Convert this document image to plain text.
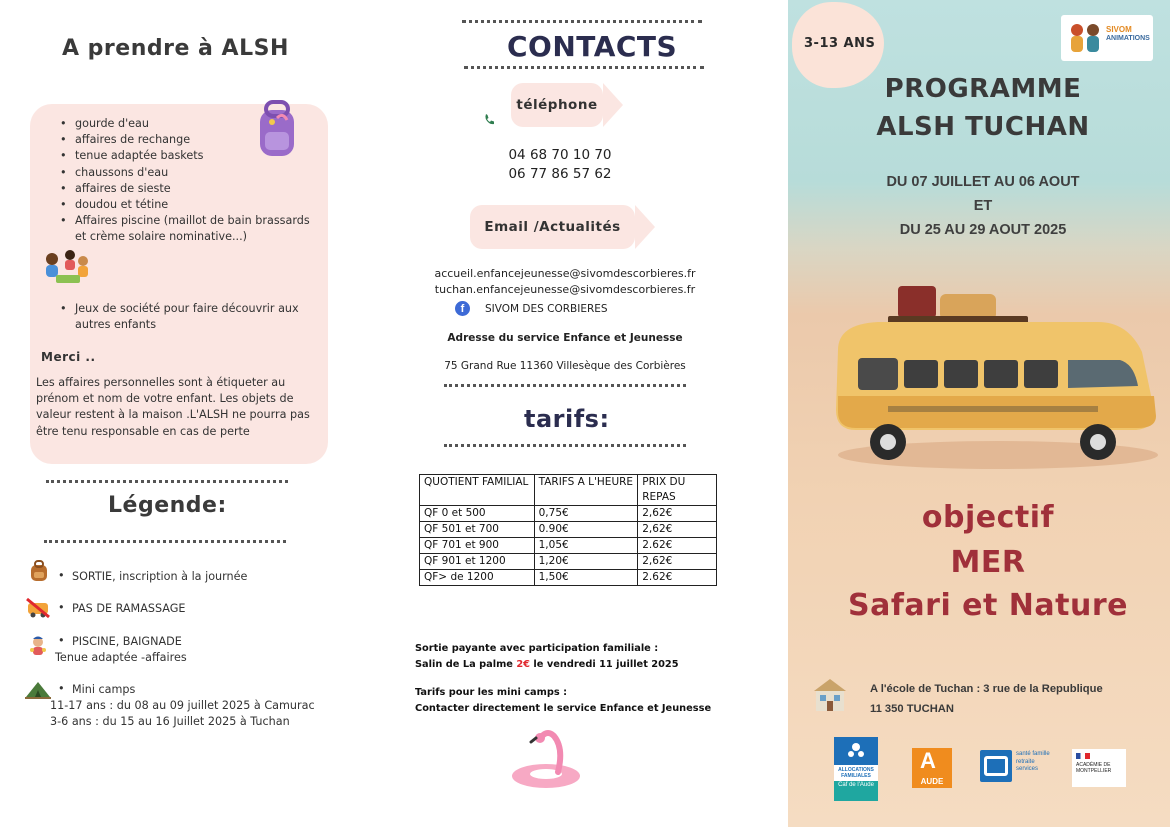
A prendre à ALSH
• gourde d'eau
• affaires de rechange
• tenue adaptée baskets
• chaussons d'eau
• affaires de sieste
• doudou et tétine
• Affaires piscine (maillot de bain brassards et crème solaire nominative...)
• Jeux de société pour faire découvrir aux autres enfants
Merci ..
Les affaires personnelles sont à étiqueter au prénom et nom de votre enfant. Les objets de valeur restent à la maison .L'ALSH ne pourra pas être tenu responsable en cas de perte
Légende:
• SORTIE, inscription à la journée
• PAS DE RAMASSAGE
• PISCINE, BAIGNADE
Tenue adaptée -affaires
• Mini camps
11-17 ans : du 08 au 09 juillet 2025 à Camurac
3-6 ans : du 15 au 16 Juillet 2025 à Tuchan
CONTACTS
téléphone
04 68 70 10 70
06 77 86 57 62
Email /Actualités
accueil.enfancejeunesse@sivomdescorbieres.fr
tuchan.enfancejeunesse@sivomdescorbieres.fr
f	SIVOM DES CORBIERES
Adresse du service Enfance et Jeunesse
75 Grand Rue 11360 Villesèque des Corbières
tarifs:
QUOTIENT FAMILIAL	TARIFS A L'HEURE	PRIX DU REPAS
QF 0 et 500	0,75€	2,62€
QF 501 et 700	0.90€	2,62€
QF 701 et 900	1,05€	2.62€
QF 901 et 1200	1,20€	2,62€
QF> de 1200	1,50€	2.62€
Sortie payante avec participation familiale :
Salin de La palme 2€ le vendredi 11 juillet 2025
Tarifs pour les mini camps :
Contacter directement le service Enfance et Jeunesse
3-13 ANS
SIVOM
ANIMATIONS
PROGRAMME
ALSH TUCHAN
DU 07 JUILLET AU 06 AOUT
ET
DU 25 AU 29 AOUT 2025
objectif
MER
Safari et Nature
A l'école de Tuchan : 3 rue de la Republique
11 350 TUCHAN
ALLOCATIONS FAMILIALES
Caf de l'Aude
A
AUDE
santé famille retraite services
ACADÉMIE DE MONTPELLIER
